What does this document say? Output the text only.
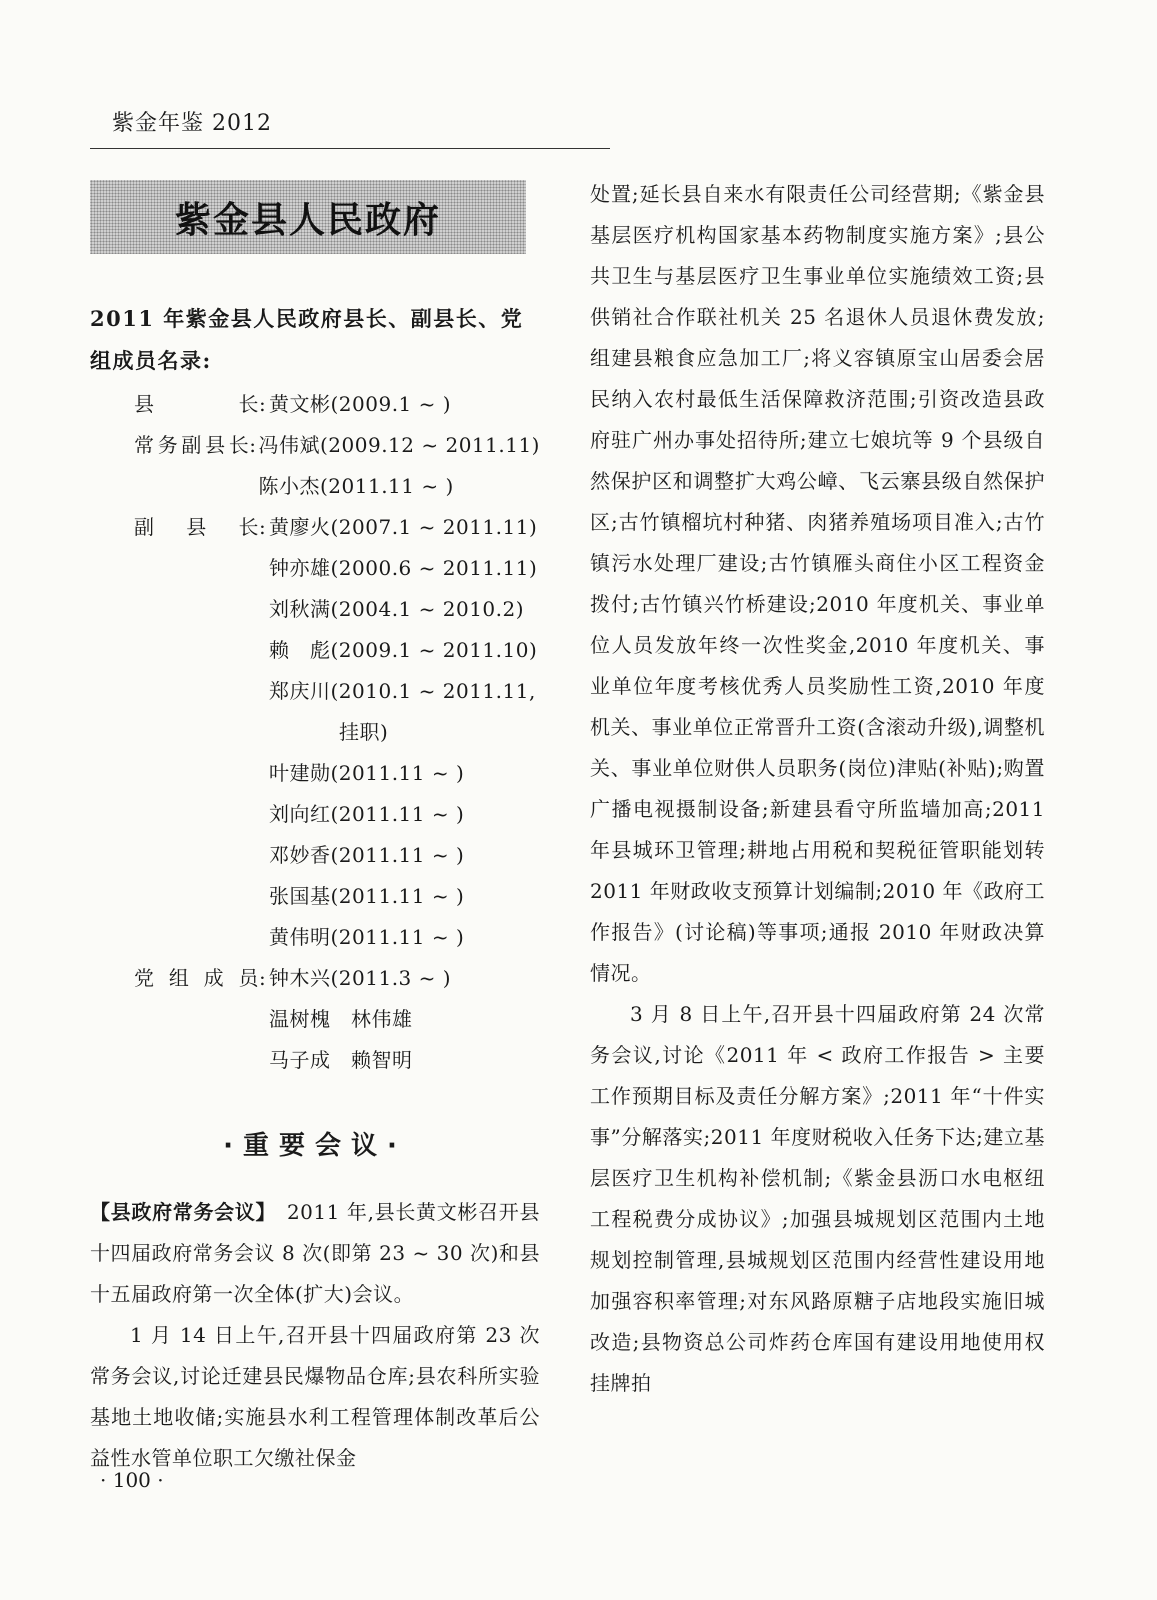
紫金年鉴 2012
紫金县人民政府
2011 年紫金县人民政府县长、副县长、党组成员名录:
县长 : 黄文彬(2009.1 ~ )
常务副县长 : 冯伟斌(2009.12 ~ 2011.11)
陈小杰(2011.11 ~ )
副县长 : 黄廖火(2007.1 ~ 2011.11)
钟亦雄(2000.6 ~ 2011.11)
刘秋满(2004.1 ~ 2010.2)
赖　彪(2009.1 ~ 2011.10)
郑庆川(2010.1 ~ 2011.11,
挂职)
叶建勋(2011.11 ~ )
刘向红(2011.11 ~ )
邓妙香(2011.11 ~ )
张国基(2011.11 ~ )
黄伟明(2011.11 ~ )
党组成员 : 钟木兴(2011.3 ~ )
温树槐　林伟雄
马子成　赖智明
·重要会议·

【县政府常务会议】　 2011 年,县长黄文彬召开县十四届政府常务会议 8 次(即第 23 ~ 30 次)和县十五届政府第一次全体(扩大)会议。

1 月 14 日上午,召开县十四届政府第 23 次常务会议,讨论迁建县民爆物品仓库;县农科所实验基地土地收储;实施县水利工程管理体制改革后公益性水管单位职工欠缴社保金

处置;延长县自来水有限责任公司经营期;《紫金县基层医疗机构国家基本药物制度实施方案》;县公共卫生与基层医疗卫生事业单位实施绩效工资;县供销社合作联社机关 25 名退休人员退休费发放;组建县粮食应急加工厂;将义容镇原宝山居委会居民纳入农村最低生活保障救济范围;引资改造县政府驻广州办事处招待所;建立七娘坑等 9 个县级自然保护区和调整扩大鸡公嶂、飞云寨县级自然保护区;古竹镇榴坑村种猪、肉猪养殖场项目准入;古竹镇污水处理厂建设;古竹镇雁头商住小区工程资金拨付;古竹镇兴竹桥建设;2010 年度机关、事业单位人员发放年终一次性奖金,2010 年度机关、事业单位年度考核优秀人员奖励性工资,2010 年度机关、事业单位正常晋升工资(含滚动升级),调整机关、事业单位财供人员职务(岗位)津贴(补贴);购置广播电视摄制设备;新建县看守所监墙加高;2011 年县城环卫管理;耕地占用税和契税征管职能划转 2011 年财政收支预算计划编制;2010 年《政府工作报告》(讨论稿)等事项;通报 2010 年财政决算情况。

3 月 8 日上午,召开县十四届政府第 24 次常务会议,讨论《2011 年 < 政府工作报告 > 主要工作预期目标及责任分解方案》;2011 年“十件实事”分解落实;2011 年度财税收入任务下达;建立基层医疗卫生机构补偿机制;《紫金县沥口水电枢纽工程税费分成协议》;加强县城规划区范围内土地规划控制管理,县城规划区范围内经营性建设用地加强容积率管理;对东风路原糖子店地段实施旧城改造;县物资总公司炸药仓库国有建设用地使用权挂牌拍

· 100 ·
